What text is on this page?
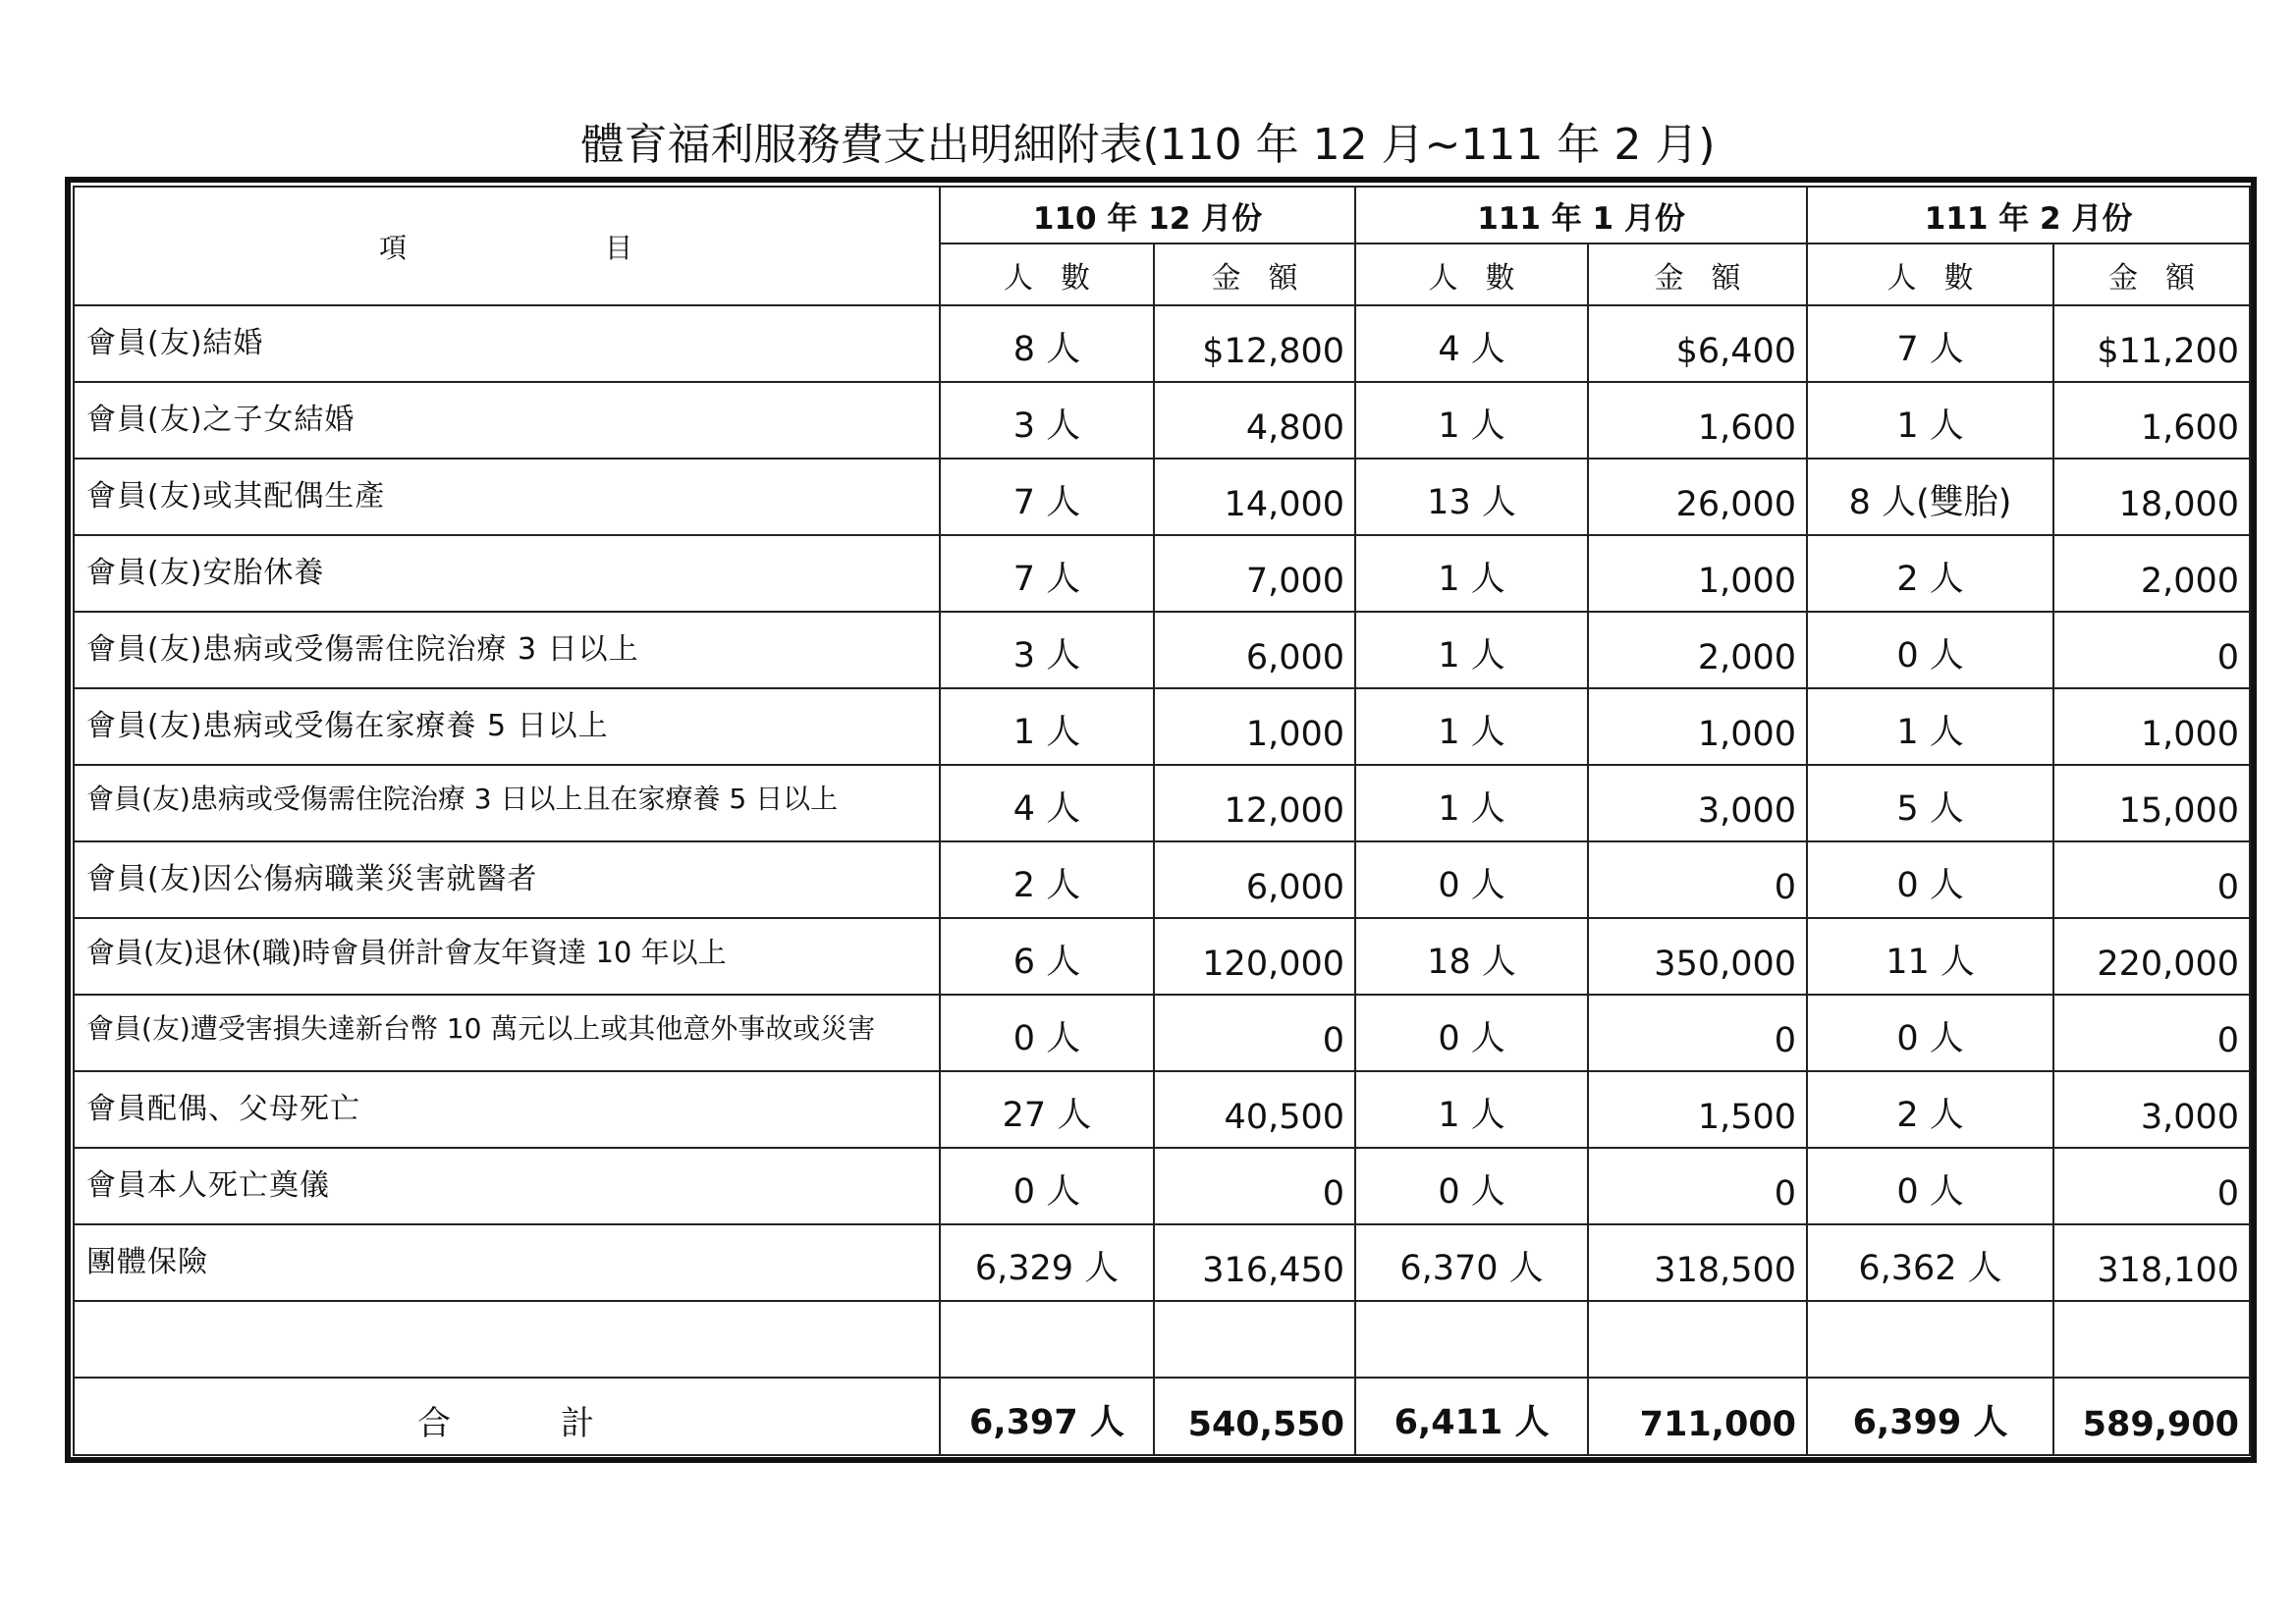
體育福利服務費支出明細附表(110 年 12 月~111 年 2 月)
項 目	110 年 12 月份		111 年 1 月份		111 年 2 月份	
	人數	金額	人數	金額	人數	金額
會員(友)結婚	8 人	$12,800	4 人	$6,400	7 人	$11,200
會員(友)之子女結婚	3 人	4,800	1 人	1,600	1 人	1,600
會員(友)或其配偶生產	7 人	14,000	13 人	26,000	8 人(雙胎)	18,000
會員(友)安胎休養	7 人	7,000	1 人	1,000	2 人	2,000
會員(友)患病或受傷需住院治療 3 日以上	3 人	6,000	1 人	2,000	0 人	0
會員(友)患病或受傷在家療養 5 日以上	1 人	1,000	1 人	1,000	1 人	1,000
會員(友)患病或受傷需住院治療 3 日以上且在家療養 5 日以上	4 人	12,000	1 人	3,000	5 人	15,000
會員(友)因公傷病職業災害就醫者	2 人	6,000	0 人	0	0 人	0
會員(友)退休(職)時會員併計會友年資達 10 年以上	6 人	120,000	18 人	350,000	11 人	220,000
會員(友)遭受害損失達新台幣 10 萬元以上或其他意外事故或災害	0 人	0	0 人	0	0 人	0
會員配偶、父母死亡	27 人	40,500	1 人	1,500	2 人	3,000
會員本人死亡奠儀	0 人	0	0 人	0	0 人	0
團體保險	6,329 人	316,450	6,370 人	318,500	6,362 人	318,100

合 計	6,397 人	540,550	6,411 人	711,000	6,399 人	589,900
